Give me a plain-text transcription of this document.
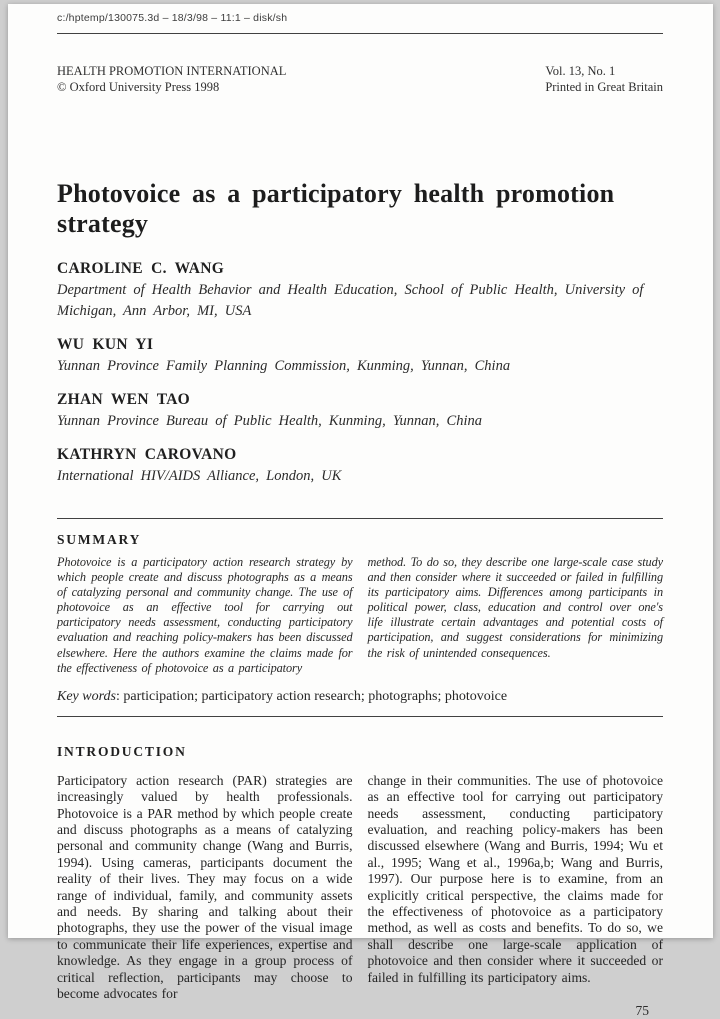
c:/hptemp/130075.3d – 18/3/98 – 11:1 – disk/sh
HEALTH PROMOTION INTERNATIONAL
© Oxford University Press 1998
Vol. 13, No. 1
Printed in Great Britain
Photovoice as a participatory health promotion strategy
CAROLINE C. WANG
Department of Health Behavior and Health Education, School of Public Health, University of Michigan, Ann Arbor, MI, USA
WU KUN YI
Yunnan Province Family Planning Commission, Kunming, Yunnan, China
ZHAN WEN TAO
Yunnan Province Bureau of Public Health, Kunming, Yunnan, China
KATHRYN CAROVANO
International HIV/AIDS Alliance, London, UK
SUMMARY
Photovoice is a participatory action research strategy by which people create and discuss photographs as a means of catalyzing personal and community change. The use of photovoice as an effective tool for carrying out participatory needs assessment, conducting participatory evaluation and reaching policy-makers has been discussed elsewhere. Here the authors examine the claims made for the effectiveness of photovoice as a participatory
method. To do so, they describe one large-scale case study and then consider where it succeeded or failed in fulfilling its participatory aims. Differences among participants in political power, class, education and control over one's life illustrate certain advantages and potential costs of participation, and suggest considerations for minimizing the risk of unintended consequences.
Key words: participation; participatory action research; photographs; photovoice
INTRODUCTION
Participatory action research (PAR) strategies are increasingly valued by health professionals. Photovoice is a PAR method by which people create and discuss photographs as a means of catalyzing personal and community change (Wang and Burris, 1994). Using cameras, participants document the reality of their lives. They may focus on a wide range of individual, family, and community assets and needs. By sharing and talking about their photographs, they use the power of the visual image to communicate their life experiences, expertise and knowledge. As they engage in a group process of critical reflection, participants may choose to become advocates for
change in their communities. The use of photovoice as an effective tool for carrying out participatory needs assessment, conducting participatory evaluation, and reaching policy-makers has been discussed elsewhere (Wang and Burris, 1994; Wu et al., 1995; Wang et al., 1996a,b; Wang and Burris, 1997). Our purpose here is to examine, from an explicitly critical perspective, the claims made for the effectiveness of photovoice as a participatory method, as well as costs and benefits. To do so, we shall describe one large-scale application of photovoice and then consider where it succeeded or failed in fulfilling its participatory aims.
75
